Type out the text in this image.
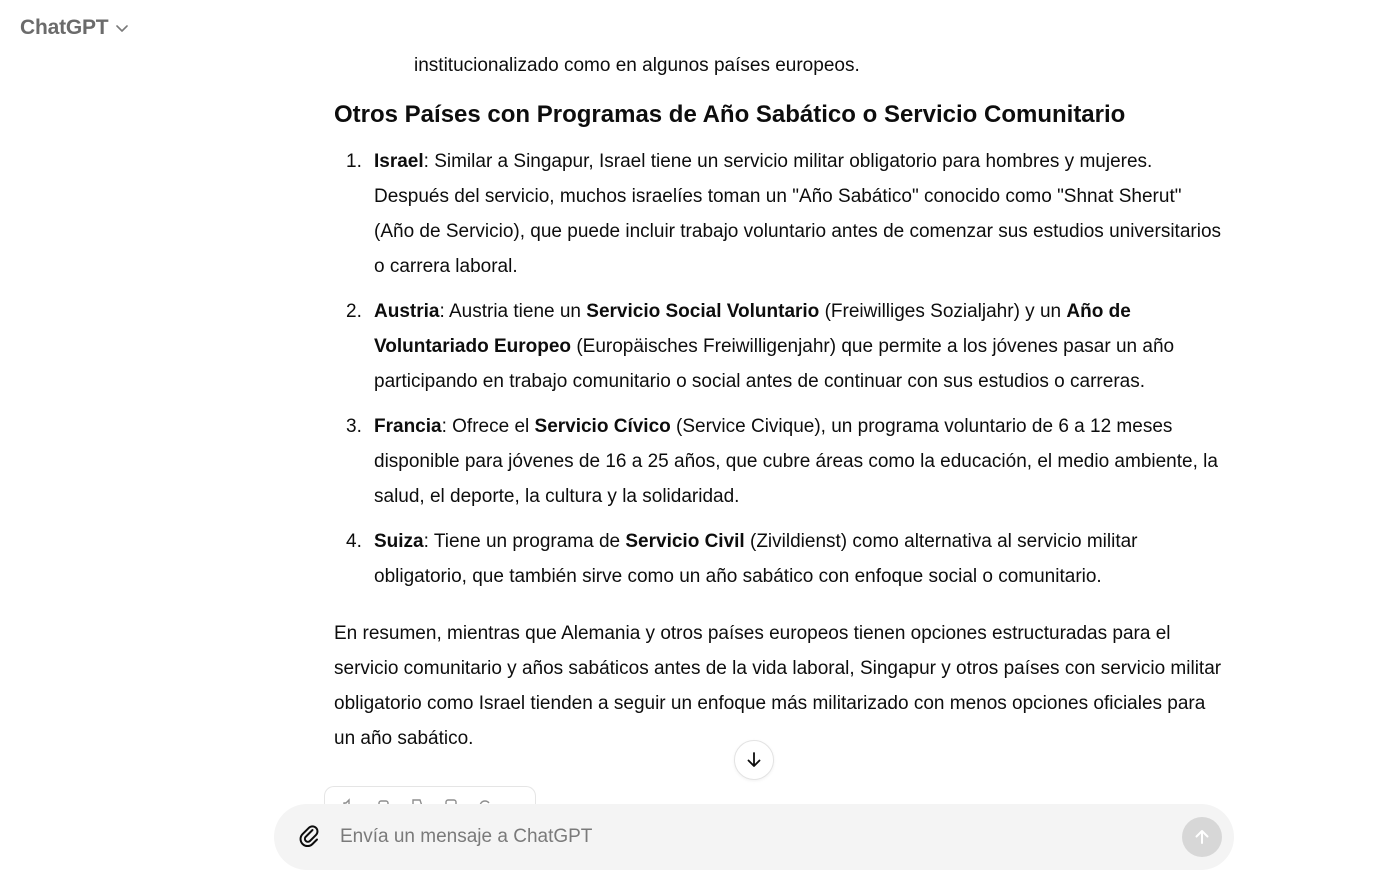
ChatGPT
institucionalizado como en algunos países europeos.
Otros Países con Programas de Año Sabático o Servicio Comunitario
1. Israel: Similar a Singapur, Israel tiene un servicio militar obligatorio para hombres y mujeres. Después del servicio, muchos israelíes toman un "Año Sabático" conocido como "Shnat Sherut" (Año de Servicio), que puede incluir trabajo voluntario antes de comenzar sus estudios universitarios o carrera laboral.
2. Austria: Austria tiene un Servicio Social Voluntario (Freiwilliges Sozialjahr) y un Año de Voluntariado Europeo (Europäisches Freiwilligenjahr) que permite a los jóvenes pasar un año participando en trabajo comunitario o social antes de continuar con sus estudios o carreras.
3. Francia: Ofrece el Servicio Cívico (Service Civique), un programa voluntario de 6 a 12 meses disponible para jóvenes de 16 a 25 años, que cubre áreas como la educación, el medio ambiente, la salud, el deporte, la cultura y la solidaridad.
4. Suiza: Tiene un programa de Servicio Civil (Zivildienst) como alternativa al servicio militar obligatorio, que también sirve como un año sabático con enfoque social o comunitario.

En resumen, mientras que Alemania y otros países europeos tienen opciones estructuradas para el servicio comunitario y años sabáticos antes de la vida laboral, Singapur y otros países con servicio militar obligatorio como Israel tienden a seguir un enfoque más militarizado con menos opciones oficiales para un año sabático.

Envía un mensaje a ChatGPT
